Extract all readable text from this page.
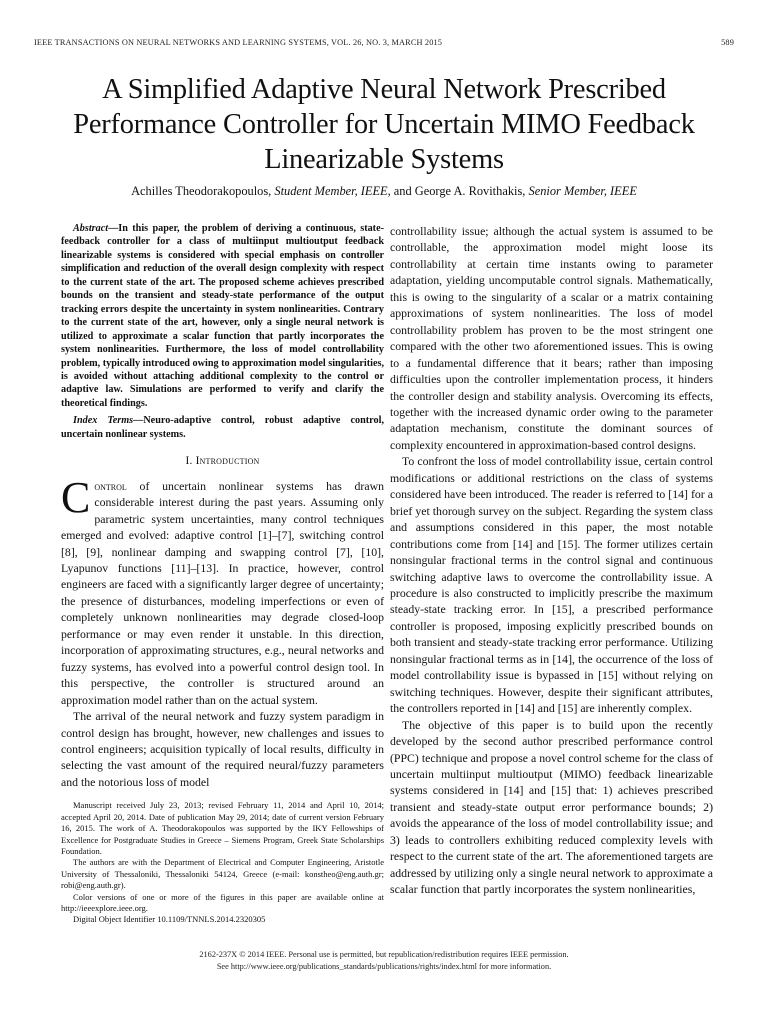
IEEE TRANSACTIONS ON NEURAL NETWORKS AND LEARNING SYSTEMS, VOL. 26, NO. 3, MARCH 2015	589
A Simplified Adaptive Neural Network Prescribed Performance Controller for Uncertain MIMO Feedback Linearizable Systems
Achilles Theodorakopoulos, Student Member, IEEE, and George A. Rovithakis, Senior Member, IEEE

Abstract—In this paper, the problem of deriving a continuous, state-feedback controller for a class of multiinput multioutput feedback linearizable systems is considered with special emphasis on controller simplification and reduction of the overall design complexity with respect to the current state of the art. The proposed scheme achieves prescribed bounds on the transient and steady-state performance of the output tracking errors despite the uncertainty in system nonlinearities. Contrary to the current state of the art, however, only a single neural network is utilized to approximate a scalar function that partly incorporates the system nonlinearities. Furthermore, the loss of model controllability problem, typically introduced owing to approximation model singularities, is avoided without attaching additional complexity to the control or adaptive law. Simulations are performed to verify and clarify the theoretical findings.

Index Terms—Neuro-adaptive control, robust adaptive control, uncertain nonlinear systems.

I. Introduction

Control of uncertain nonlinear systems has drawn considerable interest during the past years. Assuming only parametric system uncertainties, many control techniques emerged and evolved: adaptive control [1]–[7], switching control [8], [9], nonlinear damping and swapping control [7], [10], Lyapunov functions [11]–[13]. In practice, however, control engineers are faced with a significantly larger degree of uncertainty; the presence of disturbances, modeling imperfections or even of completely unknown nonlinearities may degrade closed-loop performance or may even render it unstable. In this direction, incorporation of approximating structures, e.g., neural networks and fuzzy systems, has evolved into a powerful control design tool. In this perspective, the controller is structured around an approximation model rather than on the actual system.

The arrival of the neural network and fuzzy system paradigm in control design has brought, however, new challenges and issues to control engineers; acquisition typically of local results, difficulty in selecting the vast amount of the required neural/fuzzy parameters and the notorious loss of model

Manuscript received July 23, 2013; revised February 11, 2014 and April 10, 2014; accepted April 20, 2014. Date of publication May 29, 2014; date of current version February 16, 2015. The work of A. Theodorakopoulos was supported by the IKY Fellowships of Excellence for Postgraduate Studies in Greece – Siemens Program, Greek State Scholarships Foundation.

The authors are with the Department of Electrical and Computer Engineering, Aristotle University of Thessaloniki, Thessaloniki 54124, Greece (e-mail: konstheo@eng.auth.gr; robi@eng.auth.gr).

Color versions of one or more of the figures in this paper are available online at http://ieeexplore.ieee.org.

Digital Object Identifier 10.1109/TNNLS.2014.2320305

controllability issue; although the actual system is assumed to be controllable, the approximation model might loose its controllability at certain time instants owing to parameter adaptation, yielding uncomputable control signals. Mathematically, this is owing to the singularity of a scalar or a matrix containing approximations of system nonlinearities. The loss of model controllability problem has proven to be the most stringent one compared with the other two aforementioned issues. This is owing to a fundamental difference that it bears; rather than imposing difficulties upon the controller implementation process, it hinders the controller design and stability analysis. Overcoming its effects, together with the increased dynamic order owing to the parameter adaptation mechanism, constitute the dominant sources of complexity encountered in approximation-based control designs.

To confront the loss of model controllability issue, certain control modifications or additional restrictions on the class of systems considered have been introduced. The reader is referred to [14] for a brief yet thorough survey on the subject. Regarding the system class and assumptions considered in this paper, the most notable contributions come from [14] and [15]. The former utilizes certain nonsingular fractional terms in the control signal and continuous switching adaptive laws to overcome the controllability issue. A procedure is also constructed to implicitly prescribe the maximum steady-state tracking error. In [15], a prescribed performance controller is proposed, imposing explicitly prescribed bounds on both transient and steady-state tracking error performance. Utilizing nonsingular fractional terms as in [14], the occurrence of the loss of model controllability issue is bypassed in [15] without relying on switching techniques. However, despite their significant attributes, the controllers reported in [14] and [15] are inherently complex.

The objective of this paper is to build upon the recently developed by the second author prescribed performance control (PPC) technique and propose a novel control scheme for the class of uncertain multiinput multioutput (MIMO) feedback linearizable systems considered in [14] and [15] that: 1) achieves prescribed transient and steady-state output error performance bounds; 2) avoids the appearance of the loss of model controllability issue; and 3) leads to controllers exhibiting reduced complexity levels with respect to the current state of the art. The aforementioned targets are addressed by utilizing only a single neural network to approximate a scalar function that partly incorporates the system nonlinearities,

2162-237X © 2014 IEEE. Personal use is permitted, but republication/redistribution requires IEEE permission.
See http://www.ieee.org/publications_standards/publications/rights/index.html for more information.
